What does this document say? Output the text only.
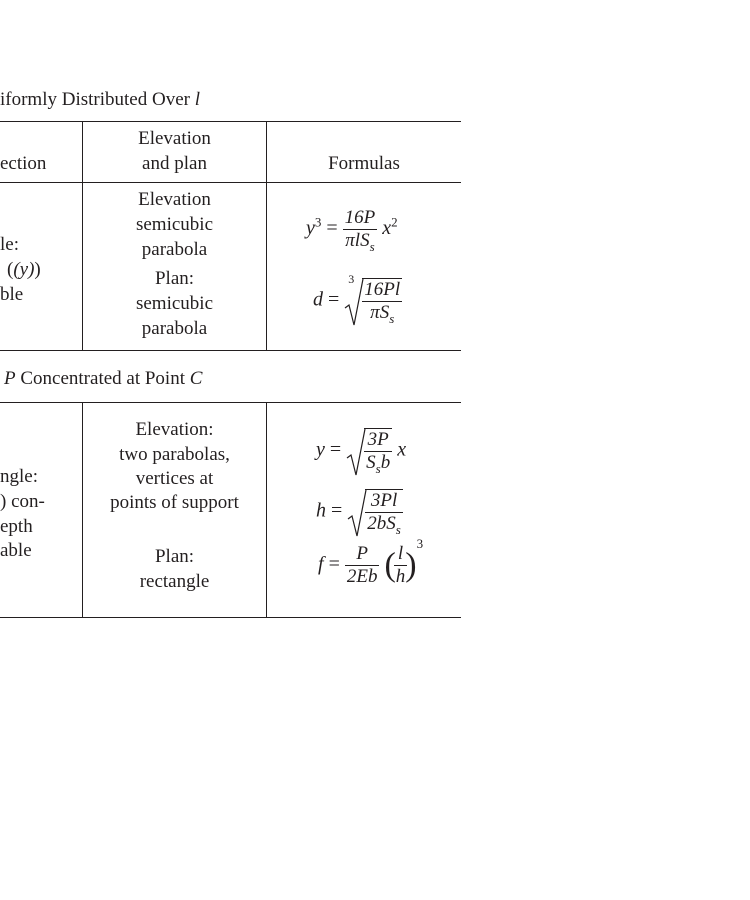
iformly Distributed Over l
ection
Elevation
and plan	Formulas
le:
((y))
ble
Elevation
semicubic
parabola
Plan:
semicubic
parabola
$y^3 = \frac{16P}{\pi lS_s} x^2$
d =
$3 \frac{16Pl}{\pi S_s}$
P Concentrated at Point C
ngle:
) con-
epth
able
Elevation:
two parabolas,
vertices at
points of support
Plan:
rectangle
$y = \frac{3P}{S_sb}$ x
$h = \frac{3Pl}{2bS_s}$
$f = \frac{P}{2Eb}$ (
$\frac{l}{h}$
)$^3$
